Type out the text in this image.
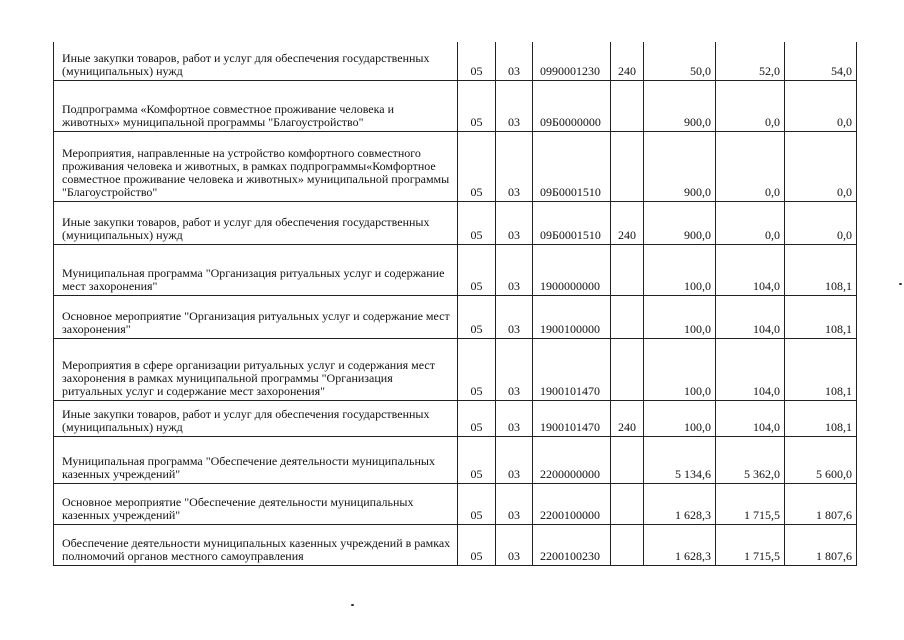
Иные закупки товаров, работ и услуг для обеспечения государственных (муниципальных) нужд	05	03	0990001230	240	50,0	52,0	54,0
Подпрограмма «Комфортное совместное проживание человека и животных» муниципальной программы "Благоустройство"	05	03	09Б0000000		900,0	0,0	0,0
Мероприятия, направленные на устройство комфортного совместного проживания человека и животных, в рамках подпрограммы«Комфортное совместное проживание человека и животных» муниципальной программы "Благоустройство"	05	03	09Б0001510		900,0	0,0	0,0
Иные закупки товаров, работ и услуг для обеспечения государственных (муниципальных) нужд	05	03	09Б0001510	240	900,0	0,0	0,0
Муниципальная программа "Организация ритуальных услуг и содержание мест захоронения"	05	03	1900000000		100,0	104,0	108,1
Основное мероприятие "Организация ритуальных услуг и содержание мест захоронения"	05	03	1900100000		100,0	104,0	108,1
Мероприятия в сфере организации ритуальных услуг и содержания мест захоронения в рамках муниципальной программы "Организация ритуальных услуг и содержание мест захоронения"	05	03	1900101470		100,0	104,0	108,1
Иные закупки товаров, работ и услуг для обеспечения государственных (муниципальных) нужд	05	03	1900101470	240	100,0	104,0	108,1
Муниципальная программа "Обеспечение деятельности муниципальных казенных учреждений"	05	03	2200000000		5 134,6	5 362,0	5 600,0
Основное мероприятие "Обеспечение деятельности муниципальных казенных учреждений"	05	03	2200100000		1 628,3	1 715,5	1 807,6
Обеспечение деятельности муниципальных казенных учреждений в рамках полномочий органов местного самоуправления	05	03	2200100230		1 628,3	1 715,5	1 807,6
